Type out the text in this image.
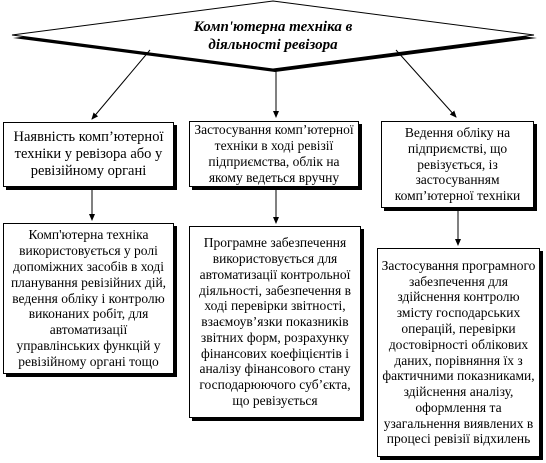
Комп'ютерна техніка в діяльності ревізора
Наявність комп’ютерної техніки у ревізора або у ревізійному органі
Комп'ютерна техніка використовується у ролі допоміжних засобів в ході планування ревізійних дій, ведення обліку і контролю виконаних робіт, для автоматизації управлінських функцій у ревізійному органі тощо
Застосування комп’ютерної техніки в ході ревізії підприємства, облік на якому ведеться вручну
Програмне забезпечення використовується для автоматизації контрольної діяльності, забезпечення в ході перевірки звітності, взаємоув’язки показників звітних форм, розрахунку фінансових коефіцієнтів і аналізу фінансового стану господарюючого суб’єкта, що ревізується
Ведення обліку на підприємстві, що ревізується, із застосуванням комп’ютерної техніки
Застосування програмного забезпечення для здійснення контролю змісту господарських операцій, перевірки достовірності облікових даних, порівняння їх з фактичними показниками, здійснення аналізу, оформлення та узагальнення виявлених в процесі ревізії відхилень
